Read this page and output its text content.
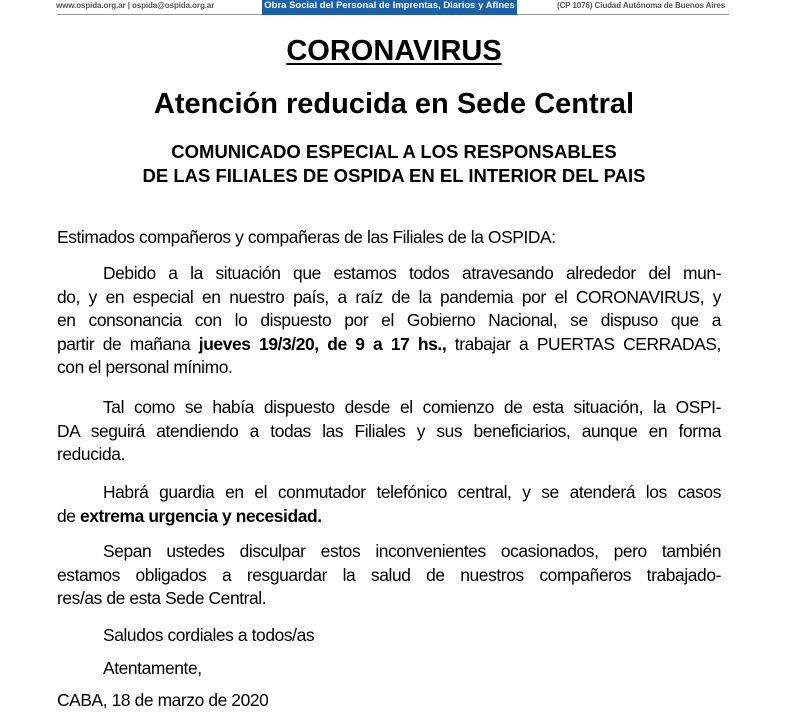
www.ospida.org.ar | ospida@ospida.org.ar	Obra Social del Personal de Imprentas, Diarios y Afines	(CP 1076) Ciudad Autónoma de Buenos Aires
CORONAVIRUS
Atención reducida en Sede Central
COMUNICADO ESPECIAL A LOS RESPONSABLES
DE LAS FILIALES DE OSPIDA EN EL INTERIOR DEL PAIS
Estimados compañeros y compañeras de las Filiales de la OSPIDA:
Debido a la situación que estamos todos atravesando alrededor del mun-
do, y en especial en nuestro país, a raíz de la pandemia por el CORONAVIRUS, y
en consonancia con lo dispuesto por el Gobierno Nacional, se dispuso que a
partir de mañana jueves 19/3/20, de 9 a 17 hs., trabajar a PUERTAS CERRADAS,
con el personal mínimo.
Tal como se había dispuesto desde el comienzo de esta situación, la OSPI-
DA seguirá atendiendo a todas las Filiales y sus beneficiarios, aunque en forma
reducida.
Habrá guardia en el conmutador telefónico central, y se atenderá los casos
de extrema urgencia y necesidad.
Sepan ustedes disculpar estos inconvenientes ocasionados, pero también
estamos obligados a resguardar la salud de nuestros compañeros trabajado-
res/as de esta Sede Central.
Saludos cordiales a todos/as
Atentamente,
CABA, 18 de marzo de 2020
